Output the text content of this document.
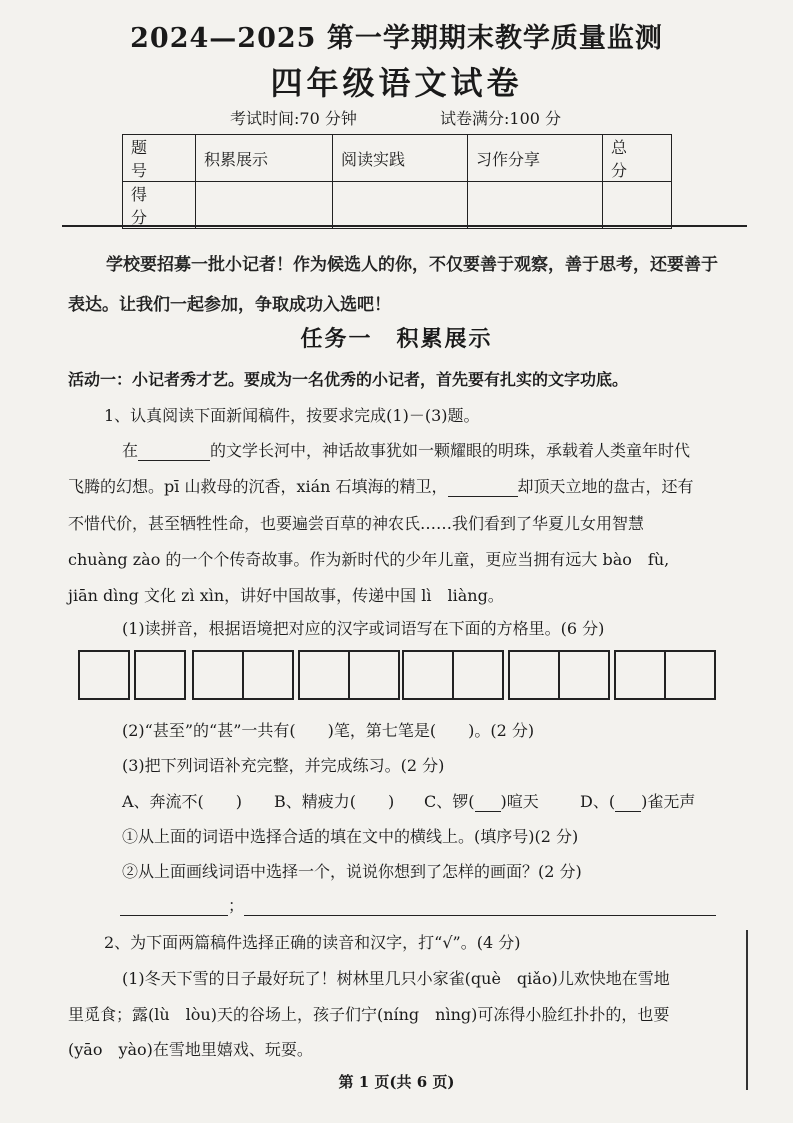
2024—2025 第一学期期末教学质量监测
四年级语文试卷
考试时间:70 分钟	试卷满分:100 分
题号	积累展示	阅读实践	习作分享	总分
得分				
学校要招募一批小记者！作为候选人的你，不仅要善于观察，善于思考，还要善于
表达。让我们一起参加，争取成功入选吧！
任务一　积累展示
活动一：小记者秀才艺。要成为一名优秀的小记者，首先要有扎实的文字功底。
1、认真阅读下面新闻稿件，按要求完成(1)－(3)题。
在	的文学长河中，神话故事犹如一颗耀眼的明珠，承载着人类童年时代
飞腾的幻想。pī 山救母的沉香，xián 石填海的精卫，	却顶天立地的盘古，还有
不惜代价，甚至牺牲性命，也要遍尝百草的神农氏……我们看到了华夏儿女用智慧
chuàng zào 的一个个传奇故事。作为新时代的少年儿童，更应当拥有远大 bào　fù,
jiān dìng 文化 zì xìn，讲好中国故事，传递中国 lì　liàng。
(1)读拼音，根据语境把对应的汉字或词语写在下面的方格里。(6 分)
(2)“甚至”的“甚”一共有(　　)笔，第七笔是(　　)。(2 分)
(3)把下列词语补充完整，并完成练习。(2 分)
A、奔流不(　　) B、精疲力(　　) C、锣( )喧天	D、( )雀无声
①从上面的词语中选择合适的填在文中的横线上。(填序号)(2 分)
②从上面画线词语中选择一个，说说你想到了怎样的画面？(2 分)
；
2、为下面两篇稿件选择正确的读音和汉字，打“√”。(4 分)
(1)冬天下雪的日子最好玩了！树林里几只小家雀(què　qiǎo)儿欢快地在雪地
里觅食；露(lù　lòu)天的谷场上，孩子们宁(níng　nìng)可冻得小脸红扑扑的，也要
(yāo　yào)在雪地里嬉戏、玩耍。
第 1 页(共 6 页)
